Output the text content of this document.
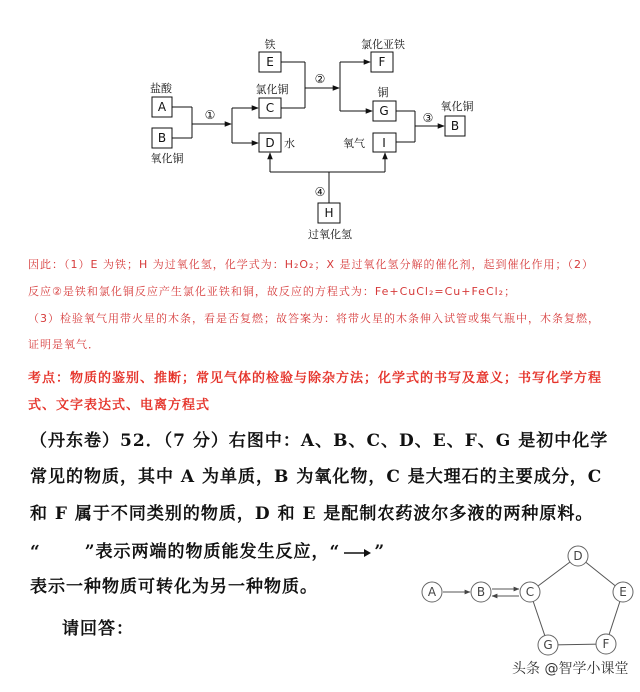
E	F
A	C	G
B
B	D	I
H
铁	氯化亚铁
盐酸	氯化铜	铜
氧化铜
氧化铜
氧气
过氧化氢
水
①
②
③
④
因此：（1）E 为铁；H 为过氧化氢，化学式为：H₂O₂；X 是过氧化氢分解的催化剂，起到催化作用；（2）
反应②是铁和氯化铜反应产生氯化亚铁和铜，故反应的方程式为：Fe+CuCl₂=Cu+FeCl₂；
（3）检验氧气用带火星的木条，看是否复燃；故答案为：将带火星的木条伸入试管或集气瓶中，木条复燃，
证明是氧气．
考点：物质的鉴别、推断；常见气体的检验与除杂方法；化学式的书写及意义；书写化学方程
式、文字表达式、电离方程式
（丹东卷）52．（7 分）右图中：A、B、C、D、E、F、G 是初中化学
常见的物质，其中 A 为单质，B 为氧化物，C 是大理石的主要成分，C
和 F 属于不同类别的物质，D 和 E 是配制农药波尔多液的两种原料。
“	”表示两端的物质能发生反应，“ ”
表示一种物质可转化为另一种物质。
请回答：
A	B	C
D
E
F
G
头条 @智学小课堂
